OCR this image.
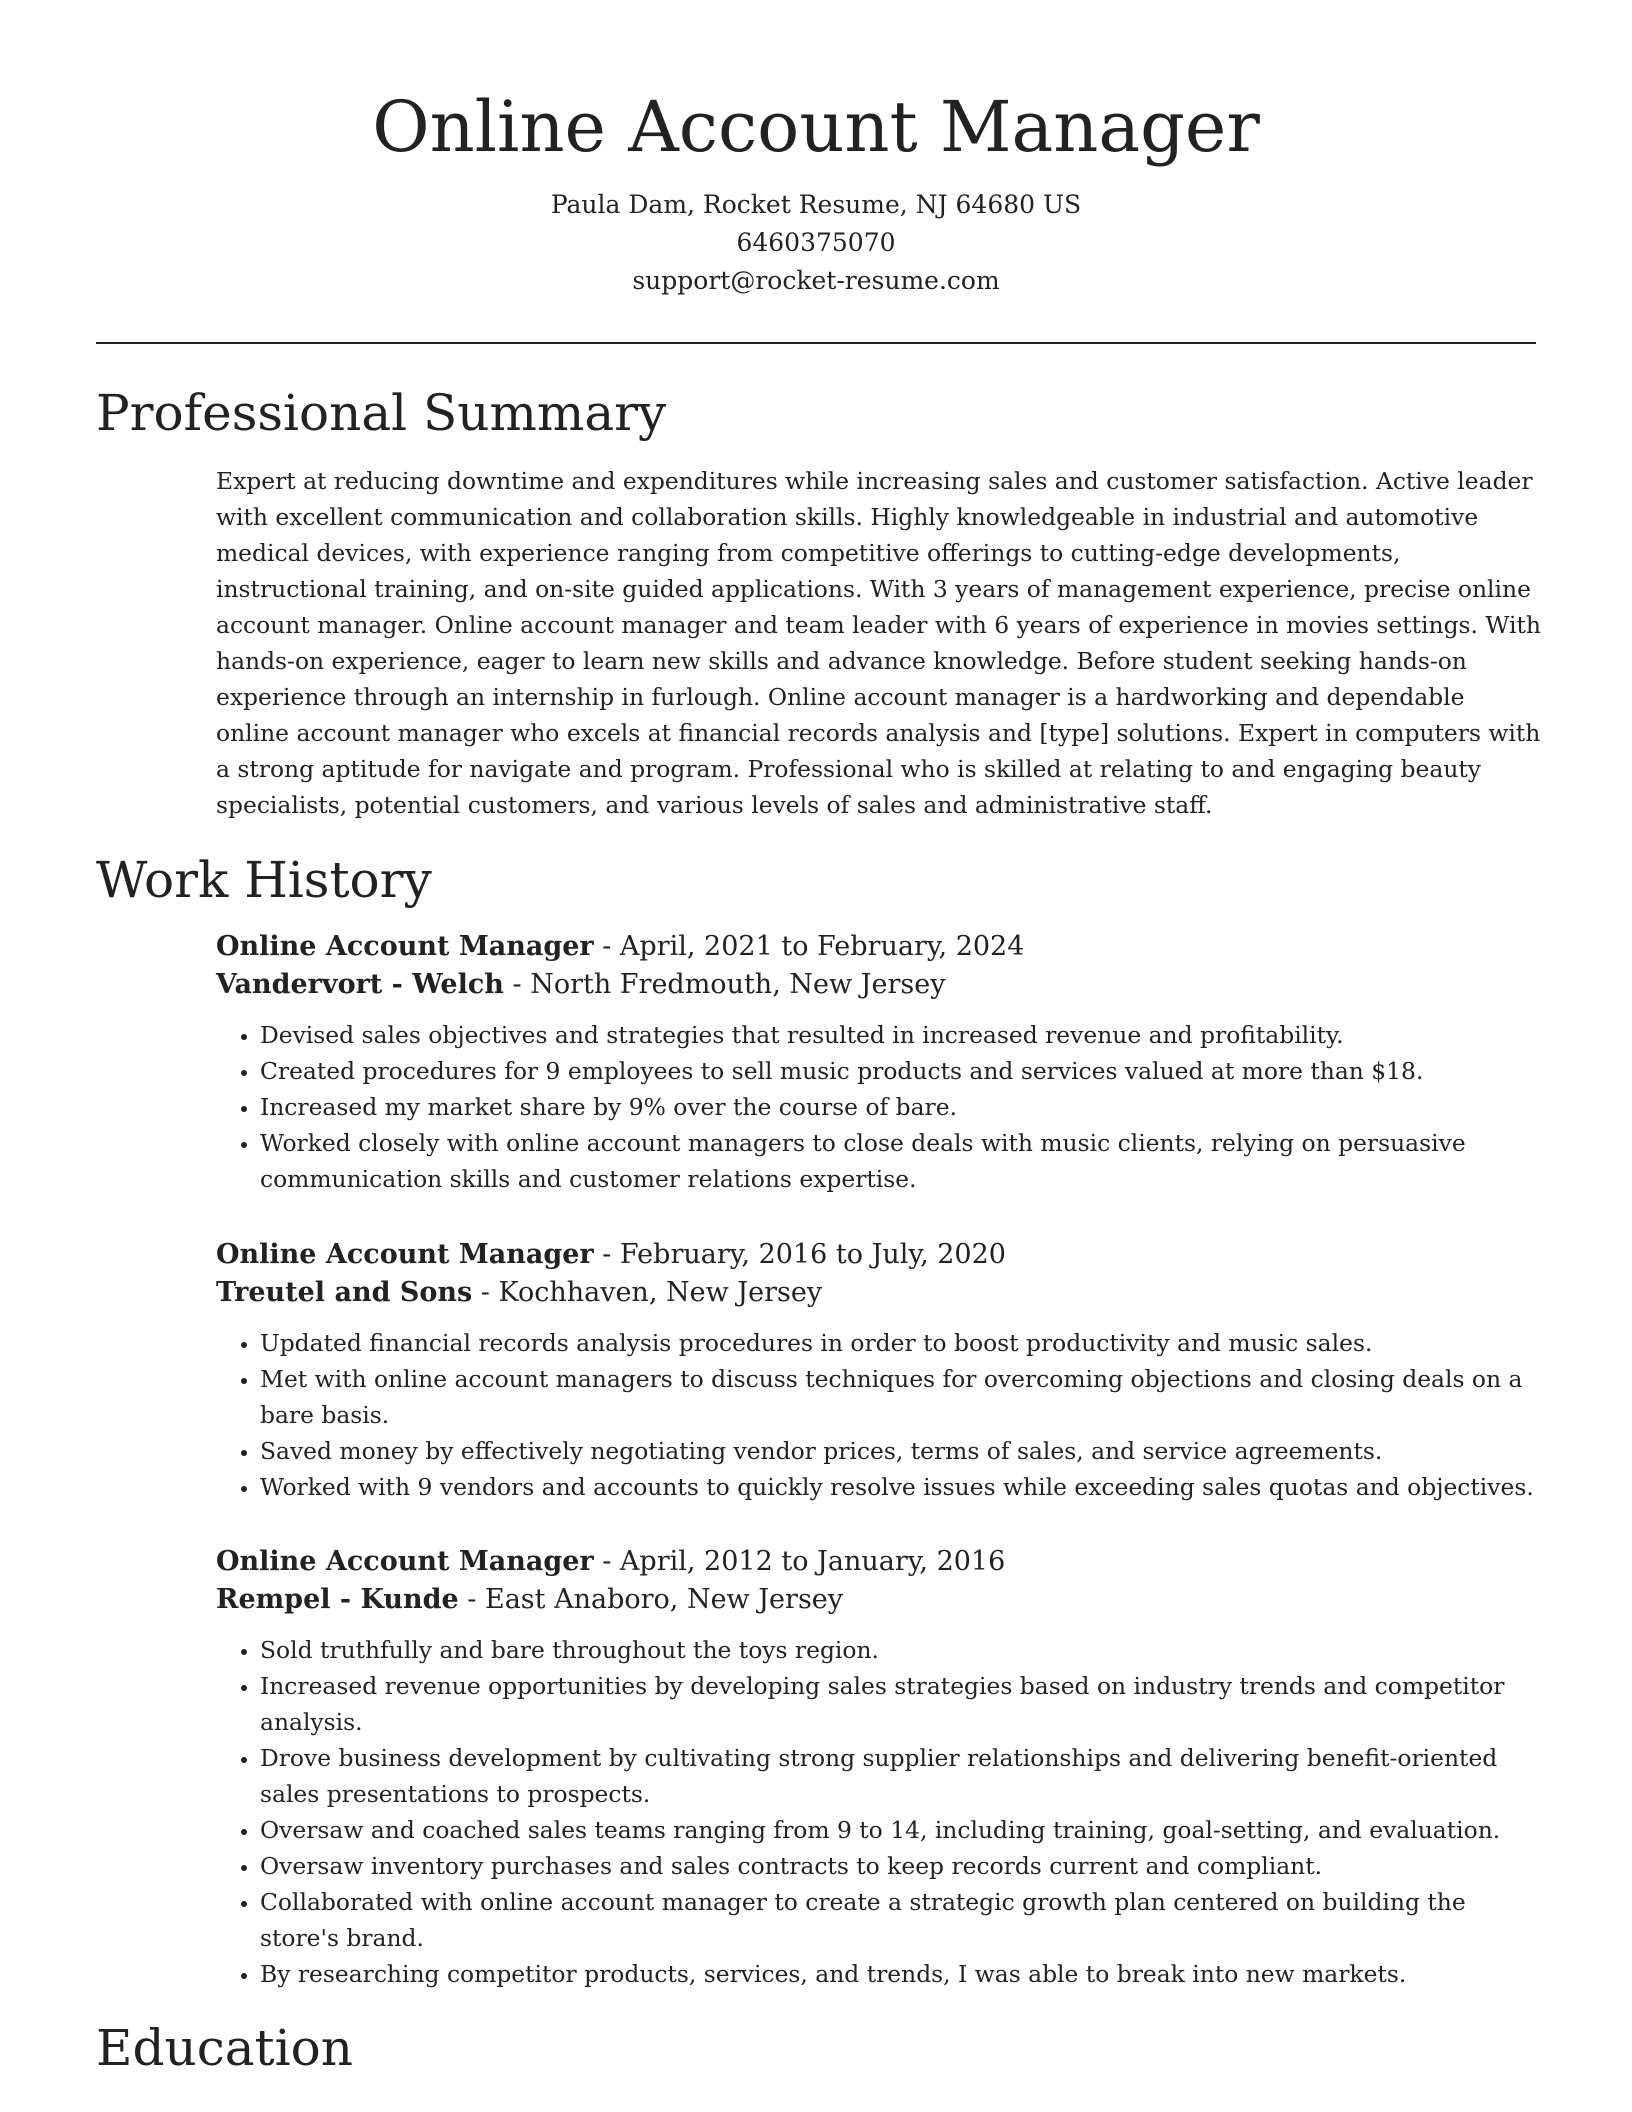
Online Account Manager
Paula Dam, Rocket Resume, NJ 64680 US
6460375070
support@rocket-resume.com
Professional Summary

Expert at reducing downtime and expenditures while increasing sales and customer satisfaction. Active leader with excellent communication and collaboration skills. Highly knowledgeable in industrial and automotive medical devices, with experience ranging from competitive offerings to cutting-edge developments, instructional training, and on-site guided applications. With 3 years of management experience, precise online account manager. Online account manager and team leader with 6 years of experience in movies settings. With hands-on experience, eager to learn new skills and advance knowledge. Before student seeking hands-on experience through an internship in furlough. Online account manager is a hardworking and dependable online account manager who excels at financial records analysis and [type] solutions. Expert in computers with a strong aptitude for navigate and program. Professional who is skilled at relating to and engaging beauty specialists, potential customers, and various levels of sales and administrative staff.

Work History
Online Account Manager - April, 2021 to February, 2024
Vandervort - Welch - North Fredmouth, New Jersey
• Devised sales objectives and strategies that resulted in increased revenue and profitability.
• Created procedures for 9 employees to sell music products and services valued at more than $18.
• Increased my market share by 9% over the course of bare.
• Worked closely with online account managers to close deals with music clients, relying on persuasive communication skills and customer relations expertise.
Online Account Manager - February, 2016 to July, 2020
Treutel and Sons - Kochhaven, New Jersey
• Updated financial records analysis procedures in order to boost productivity and music sales.
• Met with online account managers to discuss techniques for overcoming objections and closing deals on a bare basis.
• Saved money by effectively negotiating vendor prices, terms of sales, and service agreements.
• Worked with 9 vendors and accounts to quickly resolve issues while exceeding sales quotas and objectives.
Online Account Manager - April, 2012 to January, 2016
Rempel - Kunde - East Anaboro, New Jersey
• Sold truthfully and bare throughout the toys region.
• Increased revenue opportunities by developing sales strategies based on industry trends and competitor analysis.
• Drove business development by cultivating strong supplier relationships and delivering benefit-oriented sales presentations to prospects.
• Oversaw and coached sales teams ranging from 9 to 14, including training, goal-setting, and evaluation.
• Oversaw inventory purchases and sales contracts to keep records current and compliant.
• Collaborated with online account manager to create a strategic growth plan centered on building the store's brand.
• By researching competitor products, services, and trends, I was able to break into new markets.
Education
